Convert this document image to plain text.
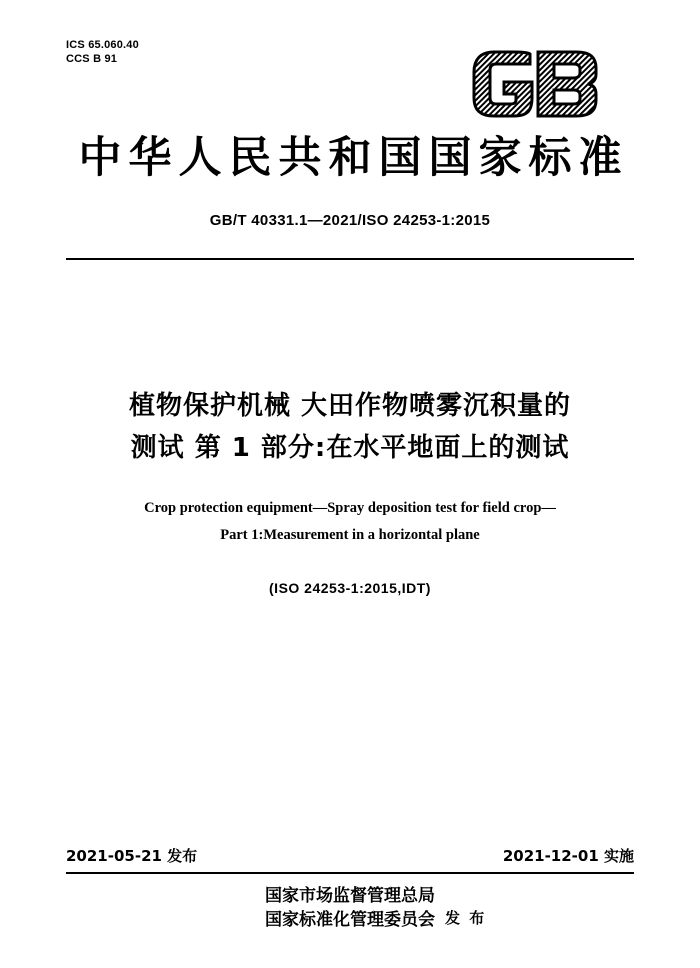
ICS 65.060.40
CCS B 91
中华人民共和国国家标准
GB/T 40331.1—2021/ISO 24253-1:2015
植物保护机械 大田作物喷雾沉积量的
测试 第 1 部分:在水平地面上的测试
Crop protection equipment—Spray deposition test for field crop—
Part 1:Measurement in a horizontal plane
(ISO 24253-1:2015,IDT)
2021-05-21 发布	2021-12-01 实施
国家市场监督管理总局
国家标准化管理委员会 发 布
